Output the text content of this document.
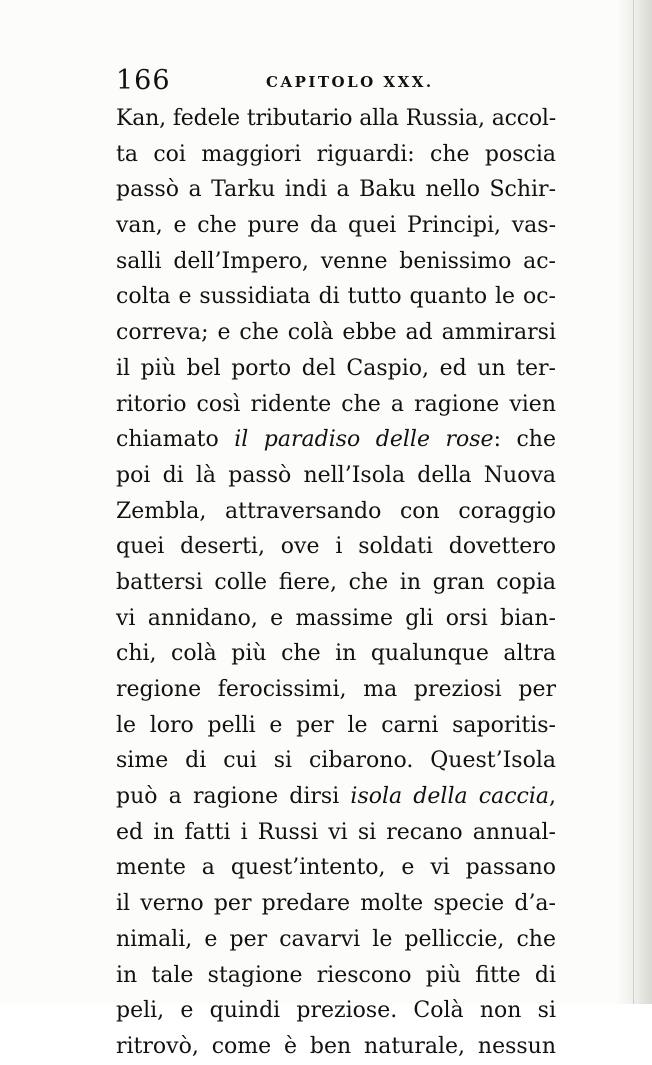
166	CAPITOLO XXX.
Kan, fedele tributario alla Russia, accol-
ta coi maggiori riguardi: che poscia
passò a Tarku indi a Baku nello Schir-
van, e che pure da quei Principi, vas-
salli dell’Impero, venne benissimo ac-
colta e sussidiata di tutto quanto le oc-
correva; e che colà ebbe ad ammirarsi
il più bel porto del Caspio, ed un ter-
ritorio così ridente che a ragione vien
chiamato il paradiso delle rose: che
poi di là passò nell’Isola della Nuova
Zembla, attraversando con coraggio
quei deserti, ove i soldati dovettero
battersi colle fiere, che in gran copia
vi annidano, e massime gli orsi bian-
chi, colà più che in qualunque altra
regione ferocissimi, ma preziosi per
le loro pelli e per le carni saporitis-
sime di cui si cibarono. Quest’Isola
può a ragione dirsi isola della caccia,
ed in fatti i Russi vi si recano annual-
mente a quest’intento, e vi passano
il verno per predare molte specie d’a-
nimali, e per cavarvi le pelliccie, che
in tale stagione riescono più fitte di
peli, e quindi preziose. Colà non si
ritrovò, come è ben naturale, nessun
